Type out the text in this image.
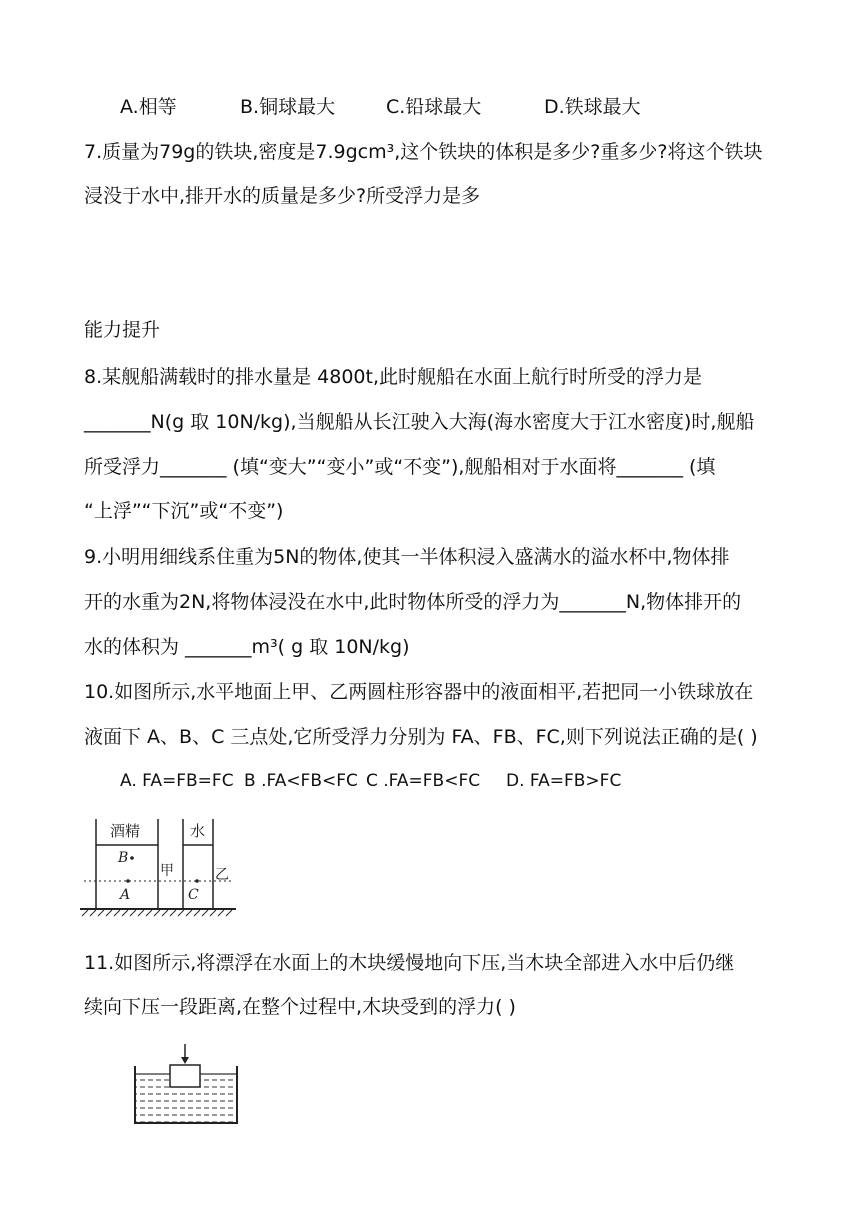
A.相等	B.铜球最大	C.铅球最大	D.铁球最大
7.质量为79g的铁块,密度是7.9gcm³,这个铁块的体积是多少?重多少?将这个铁块
浸没于水中,排开水的质量是多少?所受浮力是多
能力提升
8.某舰船满载时的排水量是 4800t,此时舰船在水面上航行时所受的浮力是
_______N(g 取 10N/kg),当舰船从长江驶入大海(海水密度大于江水密度)时,舰船
所受浮力_______ (填“变大”“变小”或“不变”),舰船相对于水面将_______ (填
“上浮”“下沉”或“不变”)
9.小明用细线系住重为5N的物体,使其一半体积浸入盛满水的溢水杯中,物体排
开的水重为2N,将物体浸没在水中,此时物体所受的浮力为_______N,物体排开的
水的体积为 _______m³( g 取 10N/kg)
10.如图所示,水平地面上甲、乙两圆柱形容器中的液面相平,若把同一小铁球放在
液面下 A、B、C 三点处,它所受浮力分别为 FA、FB、FC,则下列说法正确的是( )
A. FA=FB=FC B .FA<FB<FC C .FA=FB<FC D. FA=FB>FC
酒精	水
甲	乙
A
B
C
11.如图所示,将漂浮在水面上的木块缓慢地向下压,当木块全部进入水中后仍继
续向下压一段距离,在整个过程中,木块受到的浮力( )
